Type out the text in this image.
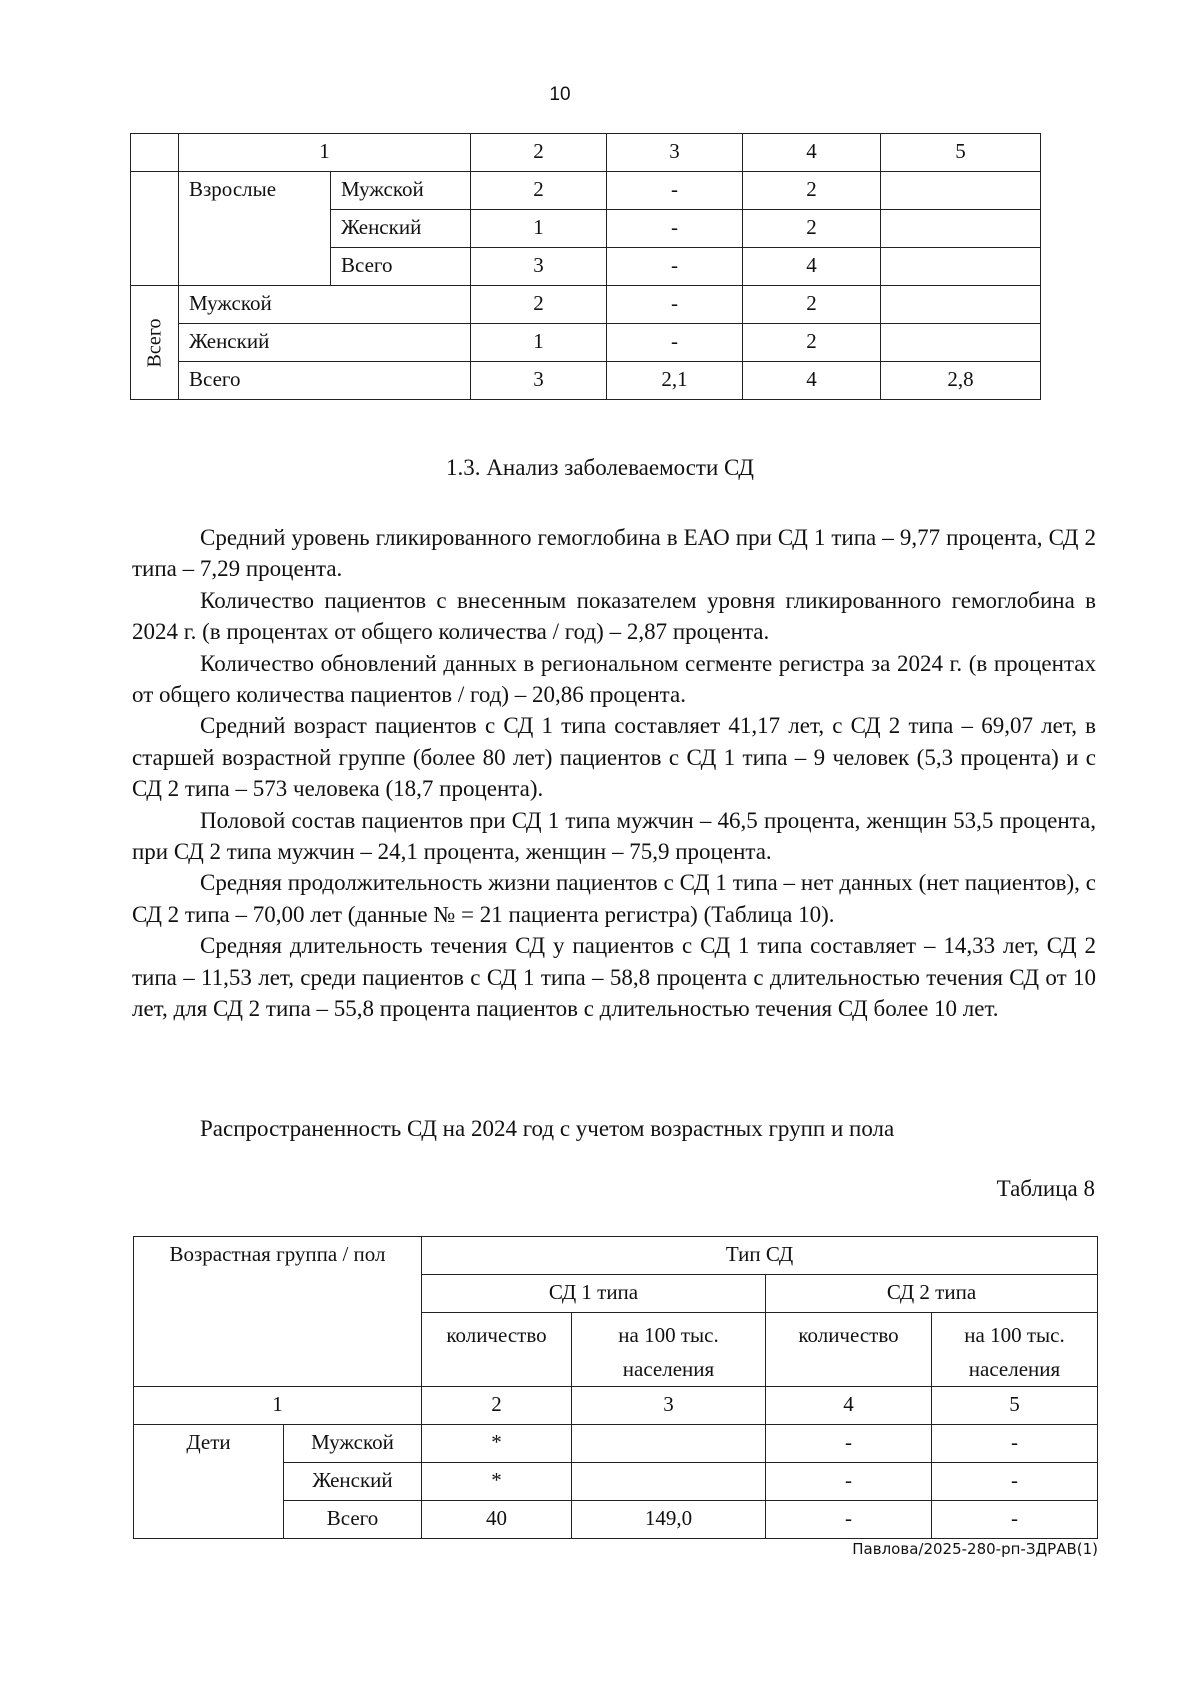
10
	1		2	3	4	5
	Взрослые	Мужской	2	-	2	
		Женский	1	-	2	
		Всего	3	-	4	

Всего	Мужской		2	-	2	
	Женский		1	-	2	
	Всего		3	2,1	4	2,8
1.3. Анализ заболеваемости СД

Средний уровень гликированного гемоглобина в ЕАО при СД 1 типа – 9,77 процента, СД 2 типа – 7,29 процента.

Количество пациентов с внесенным показателем уровня гликированного гемоглобина в 2024 г. (в процентах от общего количества / год) – 2,87 процента.

Количество обновлений данных в региональном сегменте регистра за 2024 г. (в процентах от общего количества пациентов / год) – 20,86 процента.

Средний возраст пациентов с СД 1 типа составляет 41,17 лет, с СД 2 типа – 69,07 лет, в старшей возрастной группе (более 80 лет) пациентов с СД 1 типа – 9 человек (5,3 процента) и с СД 2 типа – 573 человека (18,7 процента).

Половой состав пациентов при СД 1 типа мужчин – 46,5 процента, женщин 53,5 процента, при СД 2 типа мужчин – 24,1 процента, женщин – 75,9 процента.

Средняя продолжительность жизни пациентов с СД 1 типа – нет данных (нет пациентов), с СД 2 типа – 70,00 лет (данные № = 21 пациента регистра) (Таблица 10).

Средняя длительность течения СД у пациентов с СД 1 типа составляет – 14,33 лет, СД 2 типа – 11,53 лет, среди пациентов с СД 1 типа – 58,8 процента с длительностью течения СД от 10 лет, для СД 2 типа – 55,8 процента пациентов с длительностью течения СД более 10 лет.

Распространенность СД на 2024 год с учетом возрастных групп и пола
Таблица 8
Возрастная группа / пол		Тип СД			
		СД 1 типа		СД 2 типа	
		количество	на 100 тыс. населения	количество	на 100 тыс. населения
1		2	3	4	5
Дети	Мужской	*		-	-
	Женский	*		-	-
	Всего	40	149,0	-	-
Павлова/2025-280-рп-ЗДРАВ(1)
